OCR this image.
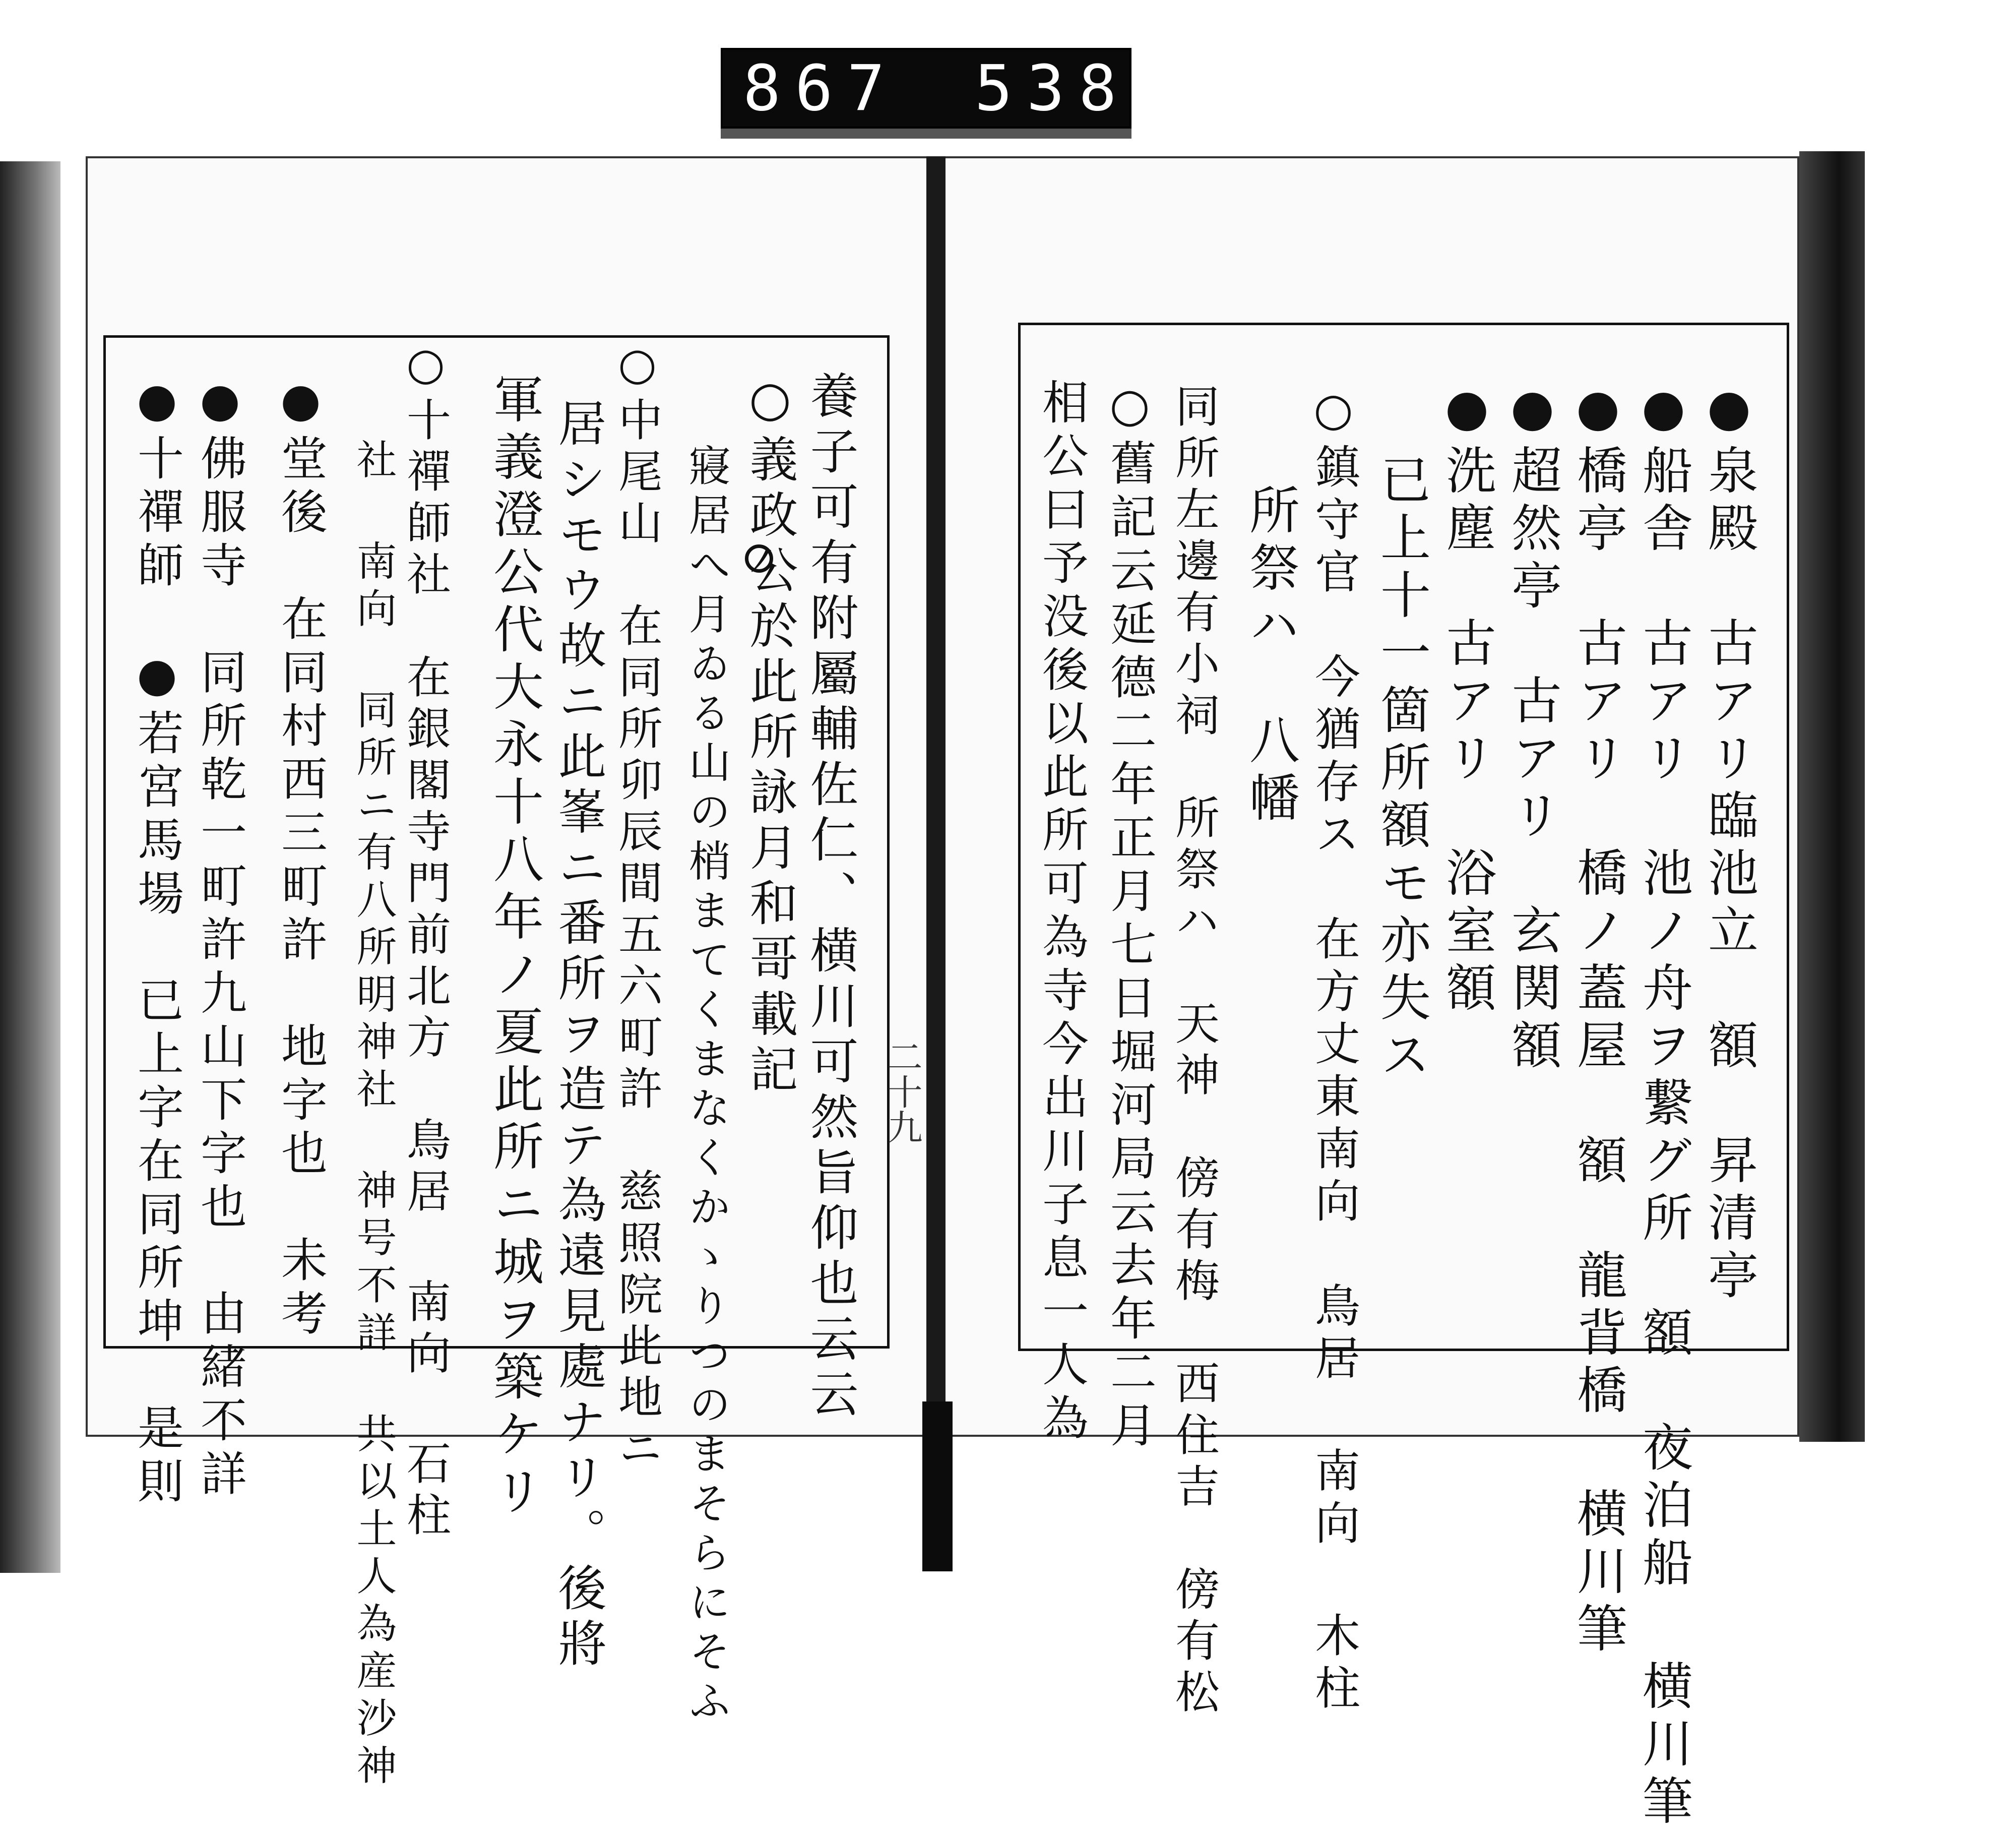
867 538.
養子可有附屬輔佐仁、横川可然旨仰也云云
○義政公於此所詠月和哥載記
寢居へ月ゐる山の梢まてくまなくかゝりつのまそらにそふ
○中尾山　在同所卯辰間五六町許　慈照院此地ニ
居シモウ故ニ此峯ニ番所ヲ造テ為遠見處ナリ。後將
軍義澄公代大永十八年ノ夏此所ニ城ヲ築ケリ
○十禪師社　在銀閣寺門前北方　鳥居 南向 石柱
社 南向 同所ニ有八所明神社 神号不詳 共以土人為産沙神
●堂後　在同村西三町許　地字也　未考
●佛服寺　同所乾一町許九山下字也　由緒不詳
●十禪師　●若宮馬場　已上字在同所坤　是則	二十九	●泉殿　古アリ臨池立　額　昇清亭
●船舎　古アリ　池ノ舟ヲ繋グ所　額　夜泊船 横川筆
●橋亭　古アリ　橋ノ蓋屋　額　龍背橋 横川筆
●超然亭　古アリ　玄関額
●洗塵　古アリ　浴室額
已上十一箇所額モ亦失ス
○鎮守官　今猶存ス　在方丈東南向　鳥居 南向 木柱
所祭ハ　八幡
同所左邊有小祠　所祭ハ　天神　傍有梅　西住吉　傍有松
○舊記云延德二年正月七日堀河局云去年二月
相公曰予没後以此所可為寺今出川子息一人為
